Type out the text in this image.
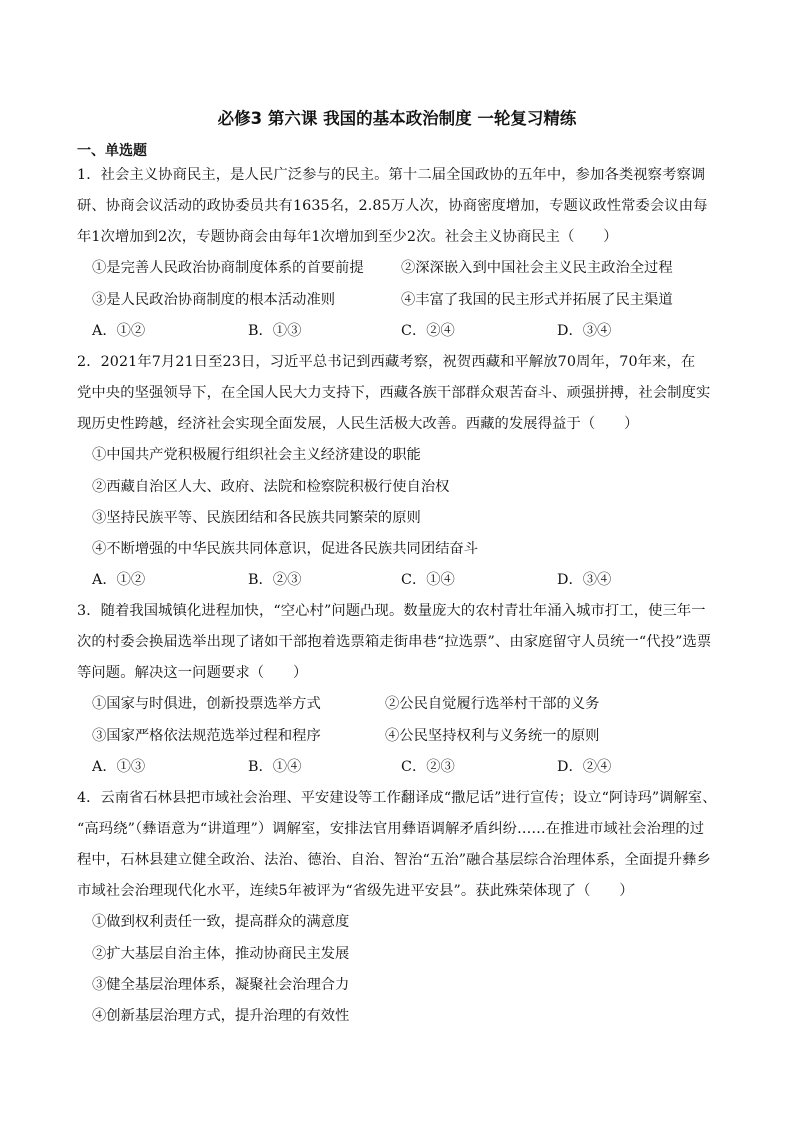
必修3 第六课 我国的基本政治制度 一轮复习精练
一、单选题
1．社会主义协商民主，是人民广泛参与的民主。第十二届全国政协的五年中，参加各类视察考察调
研、协商会议活动的政协委员共有1635名，2.85万人次，协商密度增加，专题议政性常委会议由每
年1次增加到2次，专题协商会由每年1次增加到至少2次。社会主义协商民主（　　）
①是完善人民政治协商制度体系的首要前提	②深深嵌入到中国社会主义民主政治全过程
③是人民政治协商制度的根本活动准则	④丰富了我国的民主形式并拓展了民主渠道
A．①②	B．①③	C．②④	D．③④
2．2021年7月21日至23日，习近平总书记到西藏考察，祝贺西藏和平解放70周年，70年来，在
党中央的坚强领导下，在全国人民大力支持下，西藏各族干部群众艰苦奋斗、顽强拼搏，社会制度实
现历史性跨越，经济社会实现全面发展，人民生活极大改善。西藏的发展得益于（　　）
①中国共产党积极履行组织社会主义经济建设的职能
②西藏自治区人大、政府、法院和检察院积极行使自治权
③坚持民族平等、民族团结和各民族共同繁荣的原则
④不断增强的中华民族共同体意识，促进各民族共同团结奋斗
A．①②	B．②③	C．①④	D．③④
3．随着我国城镇化进程加快，“空心村”问题凸现。数量庞大的农村青壮年涌入城市打工，使三年一
次的村委会换届选举出现了诸如干部抱着选票箱走街串巷“拉选票”、由家庭留守人员统一“代投”选票
等问题。解决这一问题要求（　　）
①国家与时俱进，创新投票选举方式	②公民自觉履行选举村干部的义务
③国家严格依法规范选举过程和程序	④公民坚持权利与义务统一的原则
A．①③	B．①④	C．②③	D．②④
4．云南省石林县把市域社会治理、平安建设等工作翻译成“撒尼话”进行宣传；设立“阿诗玛”调解室、
“高玛绕”（彝语意为“讲道理”）调解室，安排法官用彝语调解矛盾纠纷……在推进市域社会治理的过
程中，石林县建立健全政治、法治、德治、自治、智治“五治”融合基层综合治理体系，全面提升彝乡
市域社会治理现代化水平，连续5年被评为“省级先进平安县”。获此殊荣体现了（　　）
①做到权利责任一致，提高群众的满意度
②扩大基层自治主体，推动协商民主发展
③健全基层治理体系，凝聚社会治理合力
④创新基层治理方式，提升治理的有效性
